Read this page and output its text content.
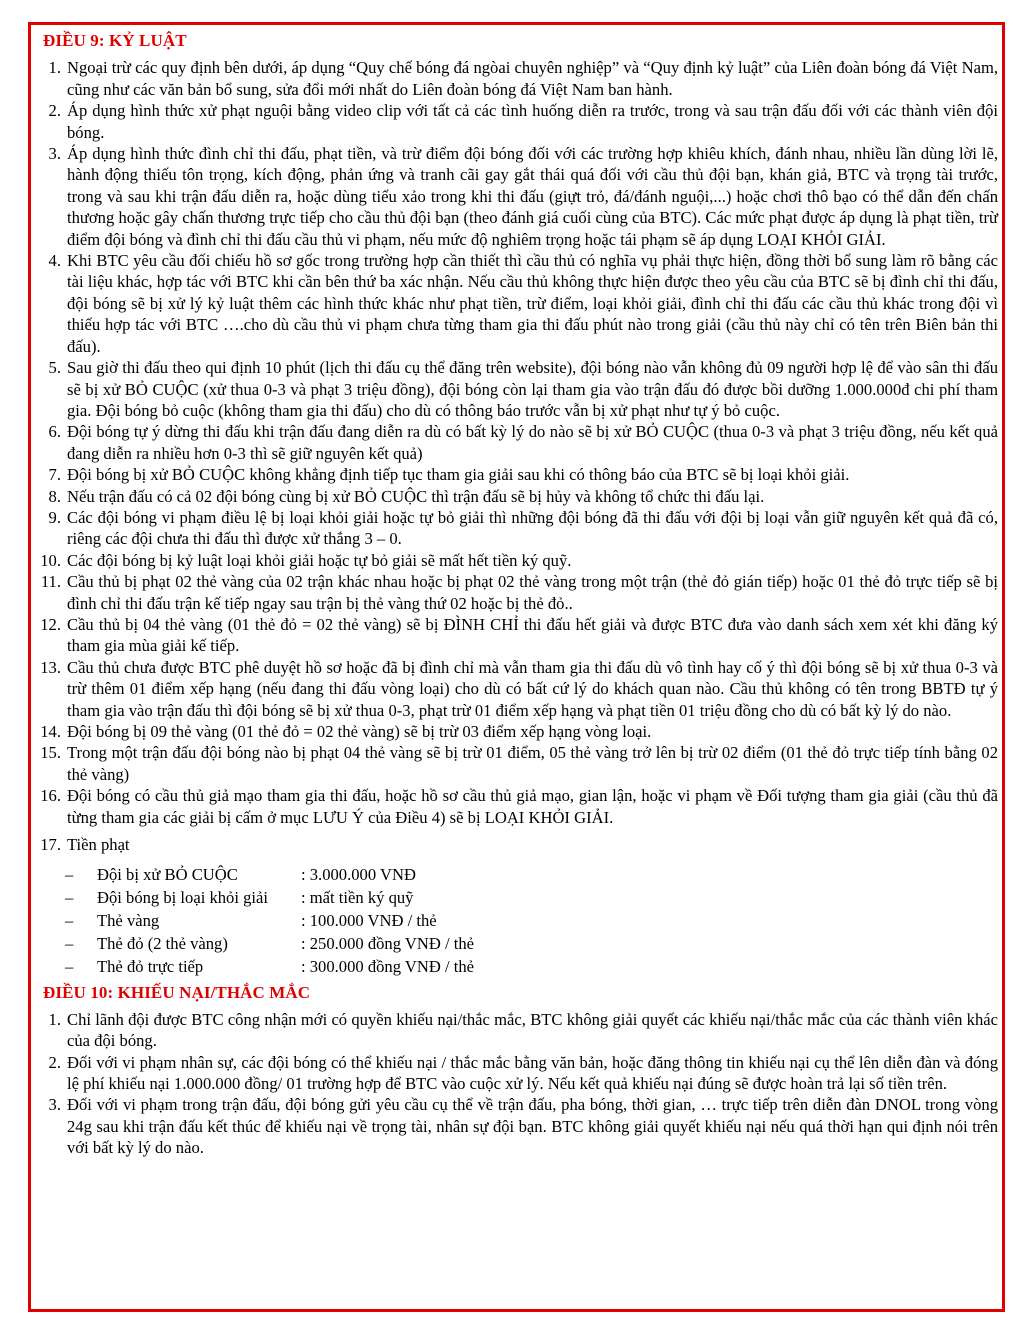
ĐIỀU 9: KỶ LUẬT
1. Ngoại trừ các quy định bên dưới, áp dụng “Quy chế bóng đá ngòai chuyên nghiệp” và “Quy định kỷ luật” của Liên đoàn bóng đá Việt Nam, cũng như các văn bản bổ sung, sửa đổi mới nhất do Liên đoàn bóng đá Việt Nam ban hành.
2. Áp dụng hình thức xử phạt nguội bằng video clip với tất cả các tình huống diễn ra trước, trong và sau trận đấu đối với các thành viên đội bóng.
3. Áp dụng hình thức đình chỉ thi đấu, phạt tiền, và trừ điểm đội bóng đối với các trường hợp khiêu khích, đánh nhau, nhiều lần dùng lời lẽ, hành động thiếu tôn trọng, kích động, phản ứng và tranh cãi gay gắt thái quá đối với cầu thủ đội bạn, khán giả, BTC và trọng tài trước, trong và sau khi trận đấu diễn ra, hoặc dùng tiểu xảo trong khi thi đấu (giựt trỏ, đá/đánh nguội,...) hoặc chơi thô bạo có thể dẫn đến chấn thương hoặc gây chấn thương trực tiếp cho cầu thủ đội bạn (theo đánh giá cuối cùng của BTC). Các mức phạt được áp dụng là phạt tiền, trừ điểm đội bóng và đình chỉ thi đấu cầu thủ vi phạm, nếu mức độ nghiêm trọng hoặc tái phạm sẽ áp dụng LOẠI KHỎI GIẢI.
4. Khi BTC yêu cầu đối chiếu hồ sơ gốc trong trường hợp cần thiết thì cầu thủ có nghĩa vụ phải thực hiện, đồng thời bổ sung làm rõ bằng các tài liệu khác, hợp tác với BTC khi cần bên thứ ba xác nhận. Nếu cầu thủ không thực hiện được theo yêu cầu của BTC sẽ bị đình chỉ thi đấu, đội bóng sẽ bị xử lý kỷ luật thêm các hình thức khác như phạt tiền, trừ điểm, loại khỏi giải, đình chỉ thi đấu các cầu thủ khác trong đội vì thiếu hợp tác với BTC ….cho dù cầu thủ vi phạm chưa từng tham gia thi đấu phút nào trong giải (cầu thủ này chỉ có tên trên Biên bản thi đấu).
5. Sau giờ thi đấu theo qui định 10 phút (lịch thi đấu cụ thể đăng trên website), đội bóng nào vẫn không đủ 09 người hợp lệ để vào sân thi đấu sẽ bị xử BỎ CUỘC (xử thua 0-3 và phạt 3 triệu đồng), đội bóng còn lại tham gia vào trận đấu đó được bồi dưỡng 1.000.000đ chi phí tham gia. Đội bóng bỏ cuộc (không tham gia thi đấu) cho dù có thông báo trước vẫn bị xử phạt như tự ý bỏ cuộc.
6. Đội bóng tự ý dừng thi đấu khi trận đấu đang diễn ra dù có bất kỳ lý do nào sẽ bị xử BỎ CUỘC (thua 0-3 và phạt 3 triệu đồng, nếu kết quả đang diễn ra nhiều hơn 0-3 thì sẽ giữ nguyên kết quả)
7. Đội bóng bị xử BỎ CUỘC không khẳng định tiếp tục tham gia giải sau khi có thông báo của BTC sẽ bị loại khỏi giải.
8. Nếu trận đấu có cả 02 đội bóng cùng bị xử BỎ CUỘC thì trận đấu sẽ bị hủy và không tổ chức thi đấu lại.
9. Các đội bóng vi phạm điều lệ bị loại khỏi giải hoặc tự bỏ giải thì những đội bóng đã thi đấu với đội bị loại vẫn giữ nguyên kết quả đã có, riêng các đội chưa thi đấu thì được xử thắng 3 – 0.
10. Các đội bóng bị kỷ luật loại khỏi giải hoặc tự bỏ giải sẽ mất hết tiền ký quỹ.
11. Cầu thủ bị phạt 02 thẻ vàng của 02 trận khác nhau hoặc bị phạt 02 thẻ vàng trong một trận (thẻ đỏ gián tiếp) hoặc 01 thẻ đỏ trực tiếp sẽ bị đình chỉ thi đấu trận kế tiếp ngay sau trận bị thẻ vàng thứ 02 hoặc bị thẻ đỏ..
12. Cầu thủ bị 04 thẻ vàng (01 thẻ đỏ = 02 thẻ vàng) sẽ bị ĐÌNH CHỈ thi đấu hết giải và được BTC đưa vào danh sách xem xét khi đăng ký tham gia mùa giải kế tiếp.
13. Cầu thủ chưa được BTC phê duyệt hồ sơ hoặc đã bị đình chỉ mà vẫn tham gia thi đấu dù vô tình hay cố ý thì đội bóng sẽ bị xử thua 0-3 và trừ thêm 01 điểm xếp hạng (nếu đang thi đấu vòng loại) cho dù có bất cứ lý do khách quan nào. Cầu thủ không có tên trong BBTĐ tự ý tham gia vào trận đấu thì đội bóng sẽ bị xử thua 0-3, phạt trừ 01 điểm xếp hạng và phạt tiền 01 triệu đồng cho dù có bất kỳ lý do nào.
14. Đội bóng bị 09 thẻ vàng (01 thẻ đỏ = 02 thẻ vàng) sẽ bị trừ 03 điểm xếp hạng vòng loại.
15. Trong một trận đấu đội bóng nào bị phạt 04 thẻ vàng sẽ bị trừ 01 điểm, 05 thẻ vàng trở lên bị trừ 02 điểm (01 thẻ đỏ trực tiếp tính bằng 02 thẻ vàng)
16. Đội bóng có cầu thủ giả mạo tham gia thi đấu, hoặc hồ sơ cầu thủ giả mạo, gian lận, hoặc vi phạm về Đối tượng tham gia giải (cầu thủ đã từng tham gia các giải bị cấm ở mục LƯU Ý của Điều 4) sẽ bị LOẠI KHỎI GIẢI.
17. Tiền phạt
– Đội bị xử BỎ CUỘC	: 3.000.000 VNĐ
– Đội bóng bị loại khỏi giải : mất tiền ký quỹ
– Thẻ vàng	: 100.000 VNĐ / thẻ
– Thẻ đỏ (2 thẻ vàng)	: 250.000 đồng VNĐ / thẻ
– Thẻ đỏ trực tiếp	: 300.000 đồng VNĐ / thẻ
ĐIỀU 10: KHIẾU NẠI/THẮC MẮC
1. Chỉ lãnh đội được BTC công nhận mới có quyền khiếu nại/thắc mắc, BTC không giải quyết các khiếu nại/thắc mắc của các thành viên khác của đội bóng.
2. Đối với vi phạm nhân sự, các đội bóng có thể khiếu nại / thắc mắc bằng văn bản, hoặc đăng thông tin khiếu nại cụ thể lên diễn đàn và đóng lệ phí khiếu nại 1.000.000 đồng/ 01 trường hợp để BTC vào cuộc xử lý. Nếu kết quả khiếu nại đúng sẽ được hoàn trả lại số tiền trên.
3. Đối với vi phạm trong trận đấu, đội bóng gửi yêu cầu cụ thể về trận đấu, pha bóng, thời gian, … trực tiếp trên diễn đàn DNOL trong vòng 24g sau khi trận đấu kết thúc để khiếu nại về trọng tài, nhân sự đội bạn. BTC không giải quyết khiếu nại nếu quá thời hạn qui định nói trên với bất kỳ lý do nào.
